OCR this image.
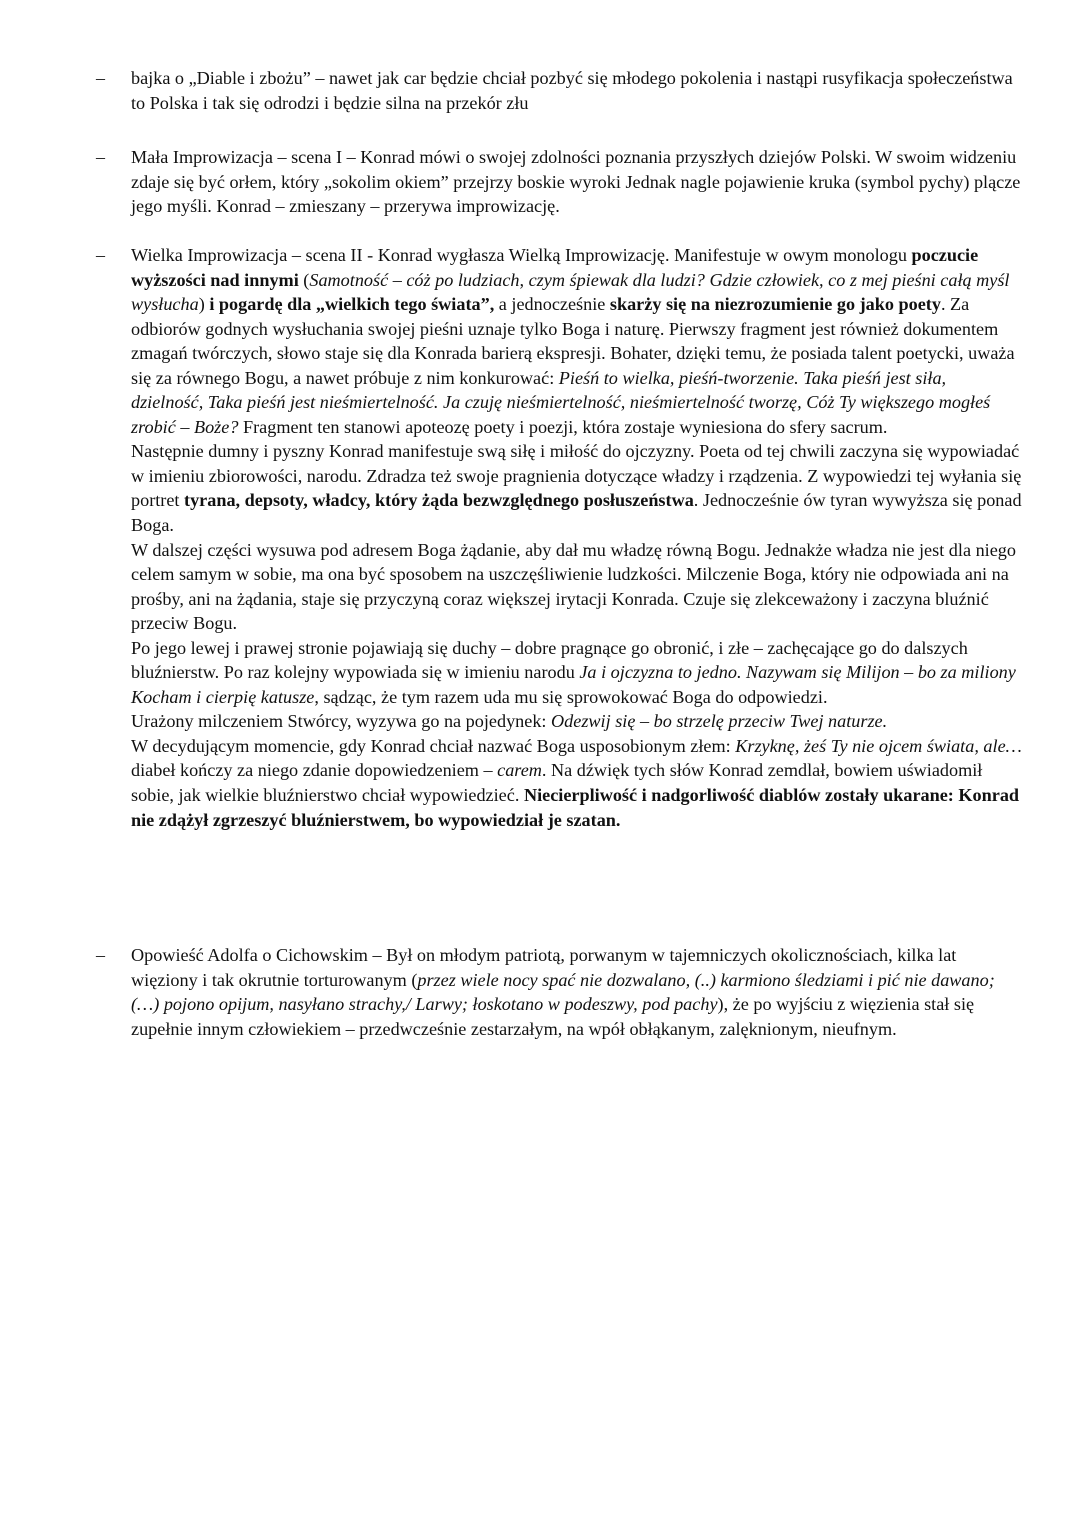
– bajka o „Diable i zbożu” – nawet jak car będzie chciał pozbyć się młodego pokolenia i nastąpi rusyfikacja społeczeństwa to Polska i tak się odrodzi i będzie silna na przekór złu

– Mała Improwizacja – scena I – Konrad mówi o swojej zdolności poznania przyszłych dziejów Polski. W swoim widzeniu zdaje się być orłem, który „sokolim okiem” przejrzy boskie wyroki Jednak nagle pojawienie kruka (symbol pychy) plącze jego myśli. Konrad – zmieszany – przerywa improwizację.

– Wielka Improwizacja – scena II - Konrad wygłasza Wielką Improwizację. Manifestuje w owym monologu poczucie wyższości nad innymi (Samotność – cóż po ludziach, czym śpiewak dla ludzi? Gdzie człowiek, co z mej pieśni całą myśl wysłucha) i pogardę dla „wielkich tego świata”, a jednocześnie skarży się na niezrozumienie go jako poety. Za odbiorów godnych wysłuchania swojej pieśni uznaje tylko Boga i naturę. Pierwszy fragment jest również dokumentem zmagań twórczych, słowo staje się dla Konrada barierą ekspresji. Bohater, dzięki temu, że posiada talent poetycki, uważa się za równego Bogu, a nawet próbuje z nim konkurować: Pieśń to wielka, pieśń-tworzenie. Taka pieśń jest siła, dzielność, Taka pieśń jest nieśmiertelność. Ja czuję nieśmiertelność, nieśmiertelność tworzę, Cóż Ty większego mogłeś zrobić – Boże? Fragment ten stanowi apoteozę poety i poezji, która zostaje wyniesiona do sfery sacrum.

Następnie dumny i pyszny Konrad manifestuje swą siłę i miłość do ojczyzny. Poeta od tej chwili zaczyna się wypowiadać w imieniu zbiorowości, narodu. Zdradza też swoje pragnienia dotyczące władzy i rządzenia. Z wypowiedzi tej wyłania się portret tyrana, depsoty, władcy, który żąda bezwzględnego posłuszeństwa. Jednocześnie ów tyran wywyższa się ponad Boga.

W dalszej części wysuwa pod adresem Boga żądanie, aby dał mu władzę równą Bogu. Jednakże władza nie jest dla niego celem samym w sobie, ma ona być sposobem na uszczęśliwienie ludzkości. Milczenie Boga, który nie odpowiada ani na prośby, ani na żądania, staje się przyczyną coraz większej irytacji Konrada. Czuje się zlekceważony i zaczyna bluźnić przeciw Bogu.

Po jego lewej i prawej stronie pojawiają się duchy – dobre pragnące go obronić, i złe – zachęcające go do dalszych bluźnierstw. Po raz kolejny wypowiada się w imieniu narodu Ja i ojczyzna to jedno. Nazywam się Milijon – bo za miliony Kocham i cierpię katusze, sądząc, że tym razem uda mu się sprowokować Boga do odpowiedzi.

Urażony milczeniem Stwórcy, wyzywa go na pojedynek: Odezwij się – bo strzelę przeciw Twej naturze.

W decydującym momencie, gdy Konrad chciał nazwać Boga usposobionym złem: Krzyknę, żeś Ty nie ojcem świata, ale… diabeł kończy za niego zdanie dopowiedzeniem – carem. Na dźwięk tych słów Konrad zemdlał, bowiem uświadomił sobie, jak wielkie bluźnierstwo chciał wypowiedzieć. Niecierpliwość i nadgorliwość diablów zostały ukarane: Konrad nie zdążył zgrzeszyć bluźnierstwem, bo wypowiedział je szatan.

– Opowieść Adolfa o Cichowskim – Był on młodym patriotą, porwanym w tajemniczych okolicznościach, kilka lat więziony i tak okrutnie torturowanym (przez wiele nocy spać nie dozwalano, (..) karmiono śledziami i pić nie dawano; (…) pojono opijum, nasyłano strachy,/ Larwy; łoskotano w podeszwy, pod pachy), że po wyjściu z więzienia stał się zupełnie innym człowiekiem – przedwcześnie zestarzałym, na wpół obłąkanym, zalęknionym, nieufnym.
